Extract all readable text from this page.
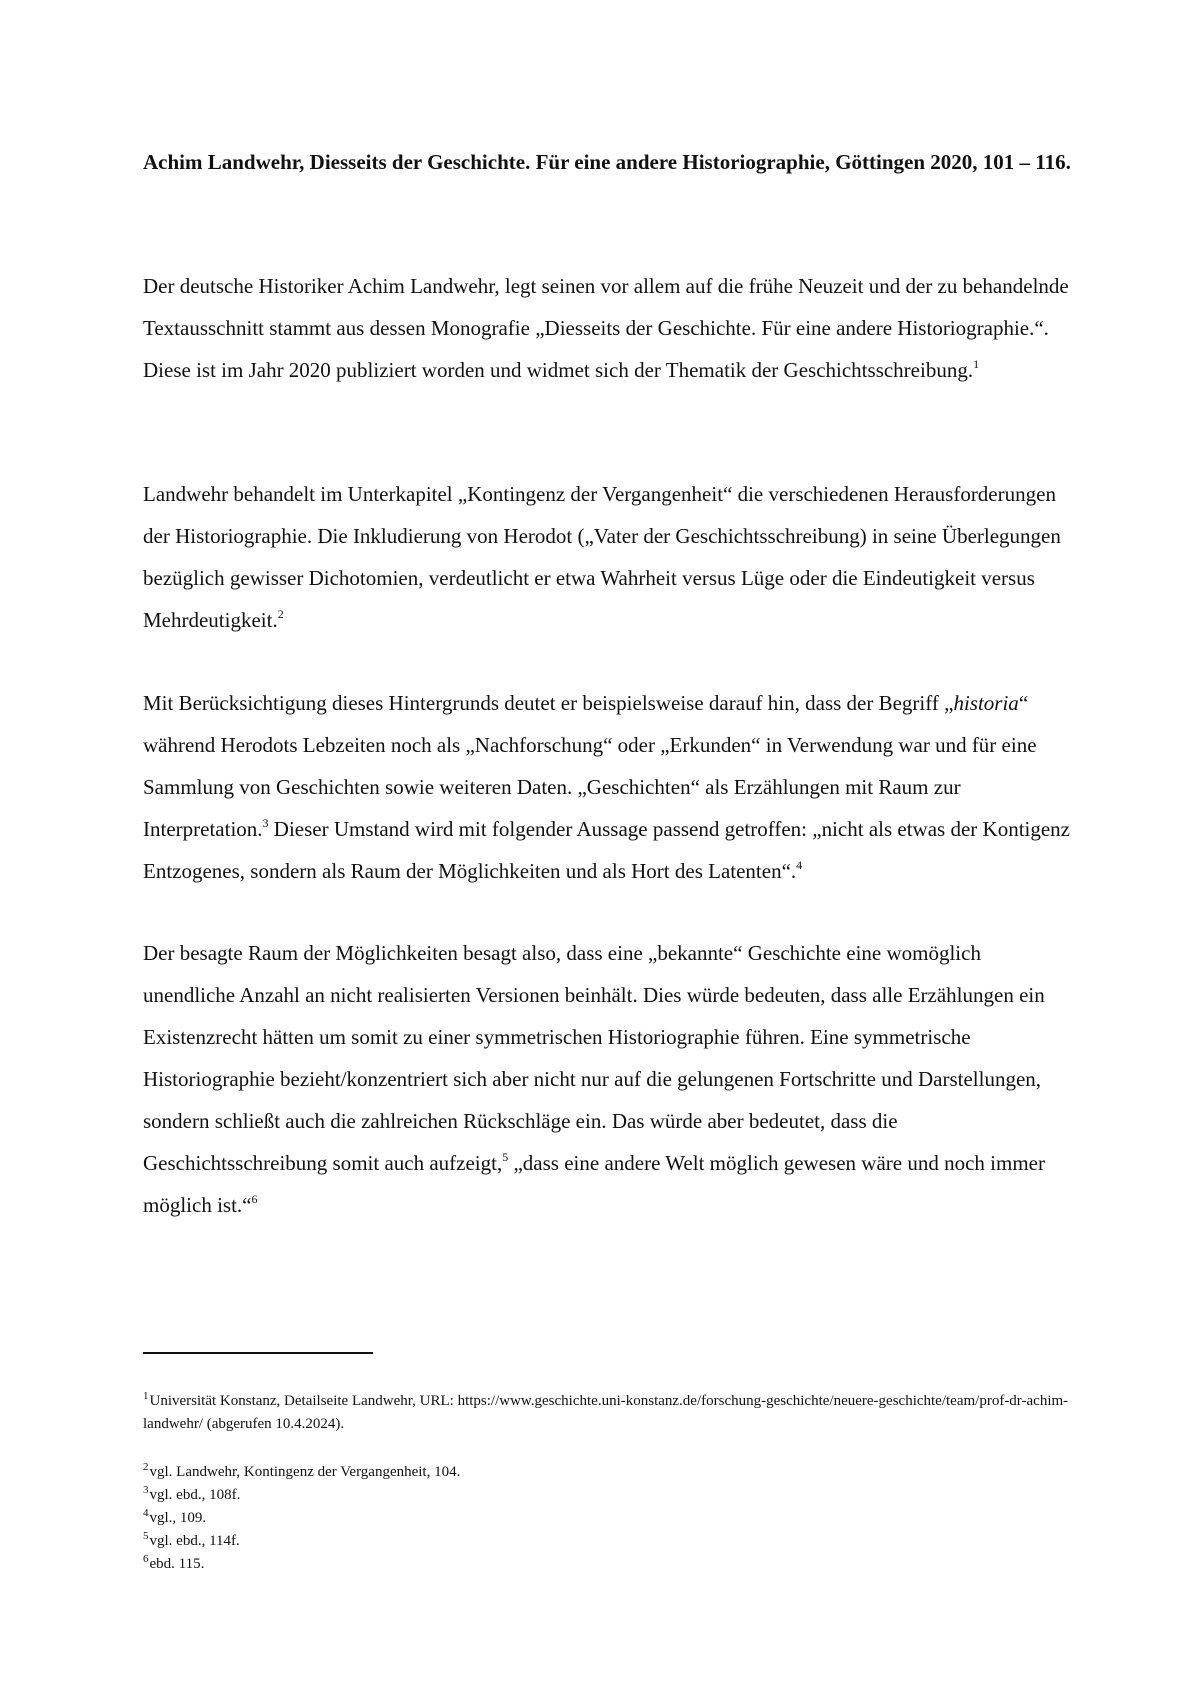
Achim Landwehr, Diesseits der Geschichte. Für eine andere Historiographie, Göttingen 2020, 101 – 116.

Der deutsche Historiker Achim Landwehr, legt seinen vor allem auf die frühe Neuzeit und der zu behandelnde Textausschnitt stammt aus dessen Monografie „Diesseits der Geschichte. Für eine andere Historiographie.“. Diese ist im Jahr 2020 publiziert worden und widmet sich der Thematik der Geschichtsschreibung.$^1$

Landwehr behandelt im Unterkapitel „Kontingenz der Vergangenheit“ die verschiedenen Herausforderungen der Historiographie. Die Inkludierung von Herodot („Vater der Geschichtsschreibung) in seine Überlegungen bezüglich gewisser Dichotomien, verdeutlicht er etwa Wahrheit versus Lüge oder die Eindeutigkeit versus Mehrdeutigkeit.$^2$

Mit Berücksichtigung dieses Hintergrunds deutet er beispielsweise darauf hin, dass der Begriff „historia“ während Herodots Lebzeiten noch als „Nachforschung“ oder „Erkunden“ in Verwendung war und für eine Sammlung von Geschichten sowie weiteren Daten. „Geschichten“ als Erzählungen mit Raum zur Interpretation.$^3$ Dieser Umstand wird mit folgender Aussage passend getroffen: „nicht als etwas der Kontigenz Entzogenes, sondern als Raum der Möglichkeiten und als Hort des Latenten“.$^4$

Der besagte Raum der Möglichkeiten besagt also, dass eine „bekannte“ Geschichte eine womöglich unendliche Anzahl an nicht realisierten Versionen beinhält. Dies würde bedeuten, dass alle Erzählungen ein Existenzrecht hätten um somit zu einer symmetrischen Historiographie führen. Eine symmetrische Historiographie bezieht/konzentriert sich aber nicht nur auf die gelungenen Fortschritte und Darstellungen, sondern schließt auch die zahlreichen Rückschläge ein. Das würde aber bedeutet, dass die Geschichtsschreibung somit auch aufzeigt,$^5$ „dass eine andere Welt möglich gewesen wäre und noch immer möglich ist.“$^6$

$^1$Universität Konstanz, Detailseite Landwehr, URL: https://www.geschichte.uni-konstanz.de/forschung-geschichte/neuere-geschichte/team/prof-dr-achim-landwehr/ (abgerufen 10.4.2024).

$^2$vgl. Landwehr, Kontingenz der Vergangenheit, 104.

$^3$vgl. ebd., 108f.

$^4$vgl., 109.

$^5$vgl. ebd., 114f.

$^6$ebd. 115.
